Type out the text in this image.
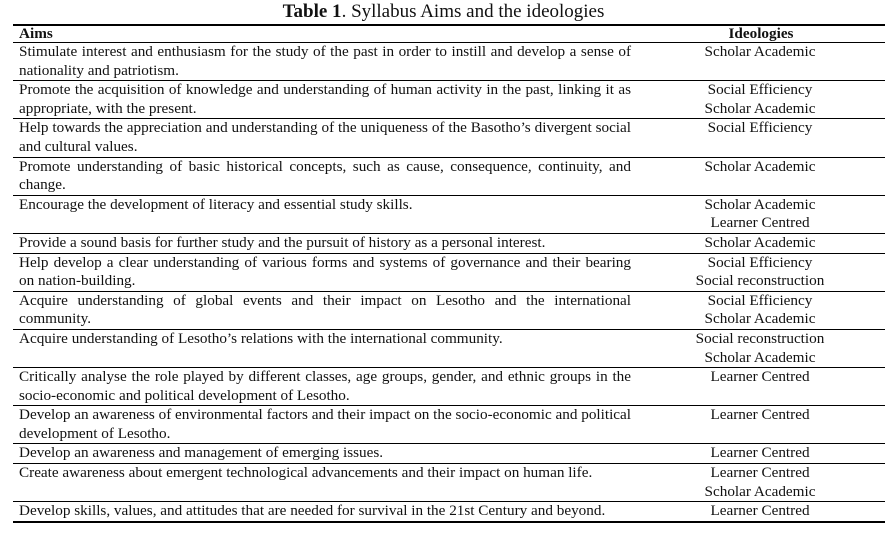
Table 1. Syllabus Aims and the ideologies
Aims	Ideologies
Stimulate interest and enthusiasm for the study of the past in order to instill and develop a sense of nationality and patriotism.	Scholar Academic

Promote the acquisition of knowledge and understanding of human activity in the past, linking it as appropriate, with the present.	Social Efficiency
Scholar Academic

Help towards the appreciation and understanding of the uniqueness of the Basotho’s divergent social and cultural values.	Social Efficiency

Promote understanding of basic historical concepts, such as cause, consequence, continuity, and change.	Scholar Academic

Encourage the development of literacy and essential study skills.	Scholar Academic
Learner Centred

Provide a sound basis for further study and the pursuit of history as a personal interest.	Scholar Academic

Help develop a clear understanding of various forms and systems of governance and their bearing on nation-building.	Social Efficiency
Social reconstruction

Acquire understanding of global events and their impact on Lesotho and the international community.	Social Efficiency
Scholar Academic

Acquire understanding of Lesotho’s relations with the international community.	Social reconstruction
Scholar Academic

Critically analyse the role played by different classes, age groups, gender, and ethnic groups in the socio-economic and political development of Lesotho.	Learner Centred

Develop an awareness of environmental factors and their impact on the socio-economic and political development of Lesotho.	Learner Centred

Develop an awareness and management of emerging issues.	Learner Centred

Create awareness about emergent technological advancements and their impact on human life.	Learner Centred
Scholar Academic

Develop skills, values, and attitudes that are needed for survival in the 21st Century and beyond.	Learner Centred
